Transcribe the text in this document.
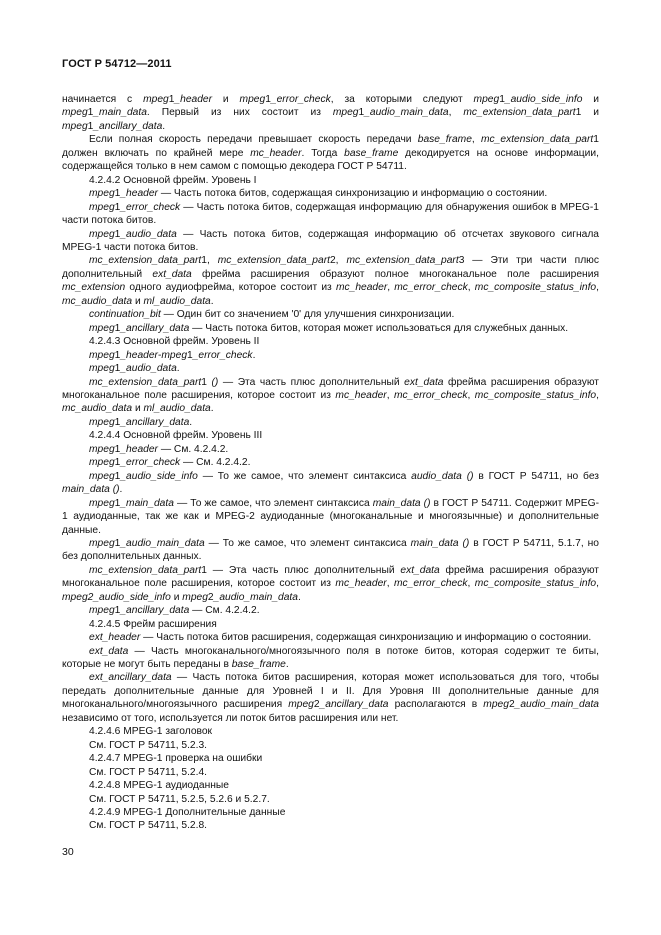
ГОСТ Р 54712—2011

начинается с mpeg1_header и mpeg1_error_check, за которыми следуют mpeg1_audio_side_info и mpeg1_main_data. Первый из них состоит из mpeg1_audio_main_data, mc_extension_data_part1 и mpeg1_ancillary_data.

Если полная скорость передачи превышает скорость передачи base_frame, mc_extension_data_part1 должен включать по крайней мере mc_header. Тогда base_frame декодируется на основе информации, содержащейся только в нем самом с помощью декодера ГОСТ Р 54711.

4.2.4.2 Основной фрейм. Уровень I

mpeg1_header — Часть потока битов, содержащая синхронизацию и информацию о состоянии.

mpeg1_error_check — Часть потока битов, содержащая информацию для обнаружения ошибок в MPEG-1 части потока битов.

mpeg1_audio_data — Часть потока битов, содержащая информацию об отсчетах звукового сигнала MPEG-1 части потока битов.

mc_extension_data_part1, mc_extension_data_part2, mc_extension_data_part3 — Эти три части плюс дополнительный ext_data фрейма расширения образуют полное многоканальное поле расширения mc_extension одного аудиофрейма, которое состоит из mc_header, mc_error_check, mc_composite_status_info, mc_audio_data и ml_audio_data.

continuation_bit — Один бит со значением '0' для улучшения синхронизации.

mpeg1_ancillary_data — Часть потока битов, которая может использоваться для служебных данных.

4.2.4.3 Основной фрейм. Уровень II

mpeg1_header-mpeg1_error_check.

mpeg1_audio_data.

mc_extension_data_part1 () — Эта часть плюс дополнительный ext_data фрейма расширения образуют многоканальное поле расширения, которое состоит из mc_header, mc_error_check, mc_composite_status_info, mc_audio_data и ml_audio_data.

mpeg1_ancillary_data.

4.2.4.4 Основной фрейм. Уровень III

mpeg1_header — См. 4.2.4.2.

mpeg1_error_check — См. 4.2.4.2.

mpeg1_audio_side_info — То же самое, что элемент синтаксиса audio_data () в ГОСТ Р 54711, но без main_data ().

mpeg1_main_data — То же самое, что элемент синтаксиса main_data () в ГОСТ Р 54711. Содержит MPEG-1 аудиоданные, так же как и MPEG-2 аудиоданные (многоканальные и многоязычные) и дополнительные данные.

mpeg1_audio_main_data — То же самое, что элемент синтаксиса main_data () в ГОСТ Р 54711, 5.1.7, но без дополнительных данных.

mc_extension_data_part1 — Эта часть плюс дополнительный ext_data фрейма расширения образуют многоканальное поле расширения, которое состоит из mc_header, mc_error_check, mc_composite_status_info, mpeg2_audio_side_info и mpeg2_audio_main_data.

mpeg1_ancillary_data — См. 4.2.4.2.

4.2.4.5 Фрейм расширения

ext_header — Часть потока битов расширения, содержащая синхронизацию и информацию о состоянии.

ext_data — Часть многоканального/многоязычного поля в потоке битов, которая содержит те биты, которые не могут быть переданы в base_frame.

ext_ancillary_data — Часть потока битов расширения, которая может использоваться для того, чтобы передать дополнительные данные для Уровней I и II. Для Уровня III дополнительные данные для многоканального/многоязычного расширения mpeg2_ancillary_data располагаются в mpeg2_audio_main_data независимо от того, используется ли поток битов расширения или нет.

4.2.4.6 MPEG-1 заголовок

См. ГОСТ Р 54711, 5.2.3.

4.2.4.7 MPEG-1 проверка на ошибки

См. ГОСТ Р 54711, 5.2.4.

4.2.4.8 MPEG-1 аудиоданные

См. ГОСТ Р 54711, 5.2.5, 5.2.6 и 5.2.7.

4.2.4.9 MPEG-1 Дополнительные данные

См. ГОСТ Р 54711, 5.2.8.

30
